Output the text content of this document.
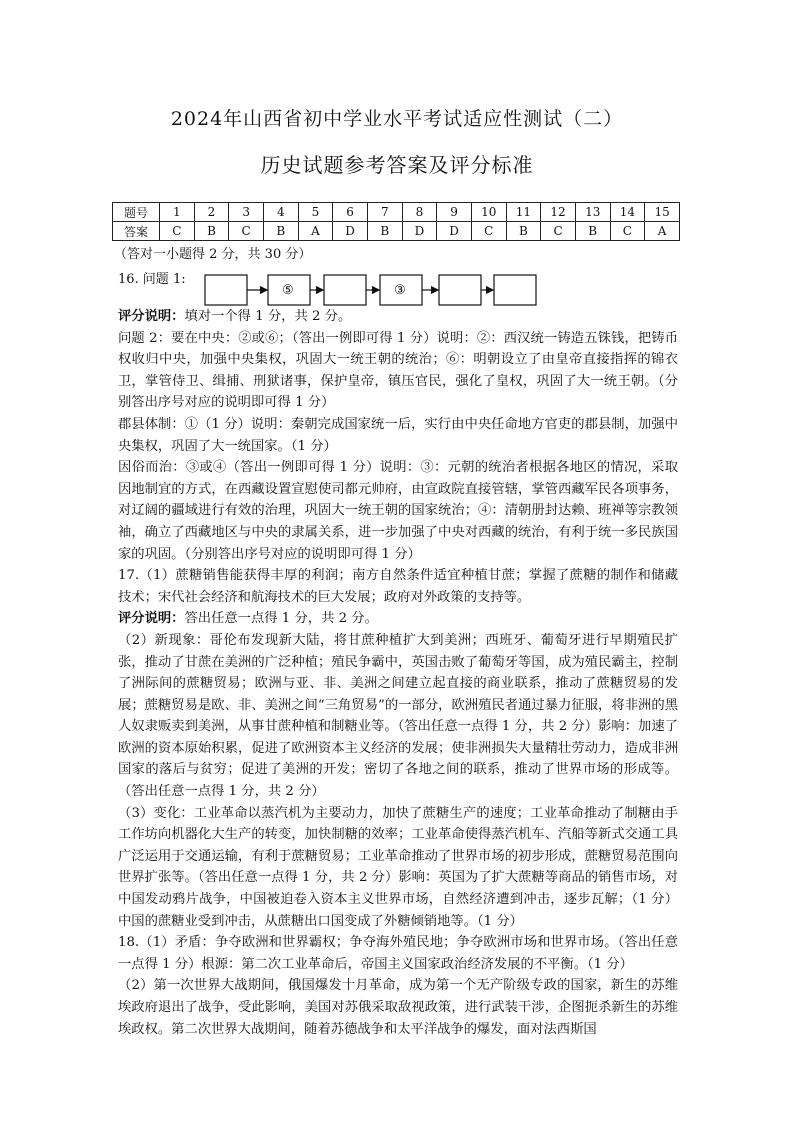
2024年山西省初中学业水平考试适应性测试（二）
历史试题参考答案及评分标准
题号	1	2	3	4	5	6	7	8	9	10	11	12	13	14	15
答案	C	B	C	B	A	D	B	D	D	C	B	C	B	C	A
（答对一小题得 2 分，共 30 分）
16. 问题 1:
⑤	③

评分说明：填对一个得 1 分，共 2 分。

问题 2：要在中央：②或⑥；（答出一例即可得 1 分）说明：②：西汉统一铸造五铢钱，把铸币权收归中央，加强中央集权，巩固大一统王朝的统治；⑥：明朝设立了由皇帝直接指挥的锦衣卫，掌管侍卫、缉捕、刑狱诸事，保护皇帝，镇压官民，强化了皇权，巩固了大一统王朝。（分别答出序号对应的说明即可得 1 分）

郡县体制：①（1 分）说明：秦朝完成国家统一后，实行由中央任命地方官吏的郡县制，加强中央集权，巩固了大一统国家。（1 分）

因俗而治：③或④（答出一例即可得 1 分）说明：③：元朝的统治者根据各地区的情况，采取因地制宜的方式，在西藏设置宣慰使司都元帅府，由宣政院直接管辖，掌管西藏军民各项事务，对辽阔的疆域进行有效的治理，巩固大一统王朝的国家统治；④：清朝册封达赖、班禅等宗教领袖，确立了西藏地区与中央的隶属关系，进一步加强了中央对西藏的统治，有利于统一多民族国家的巩固。（分别答出序号对应的说明即可得 1 分）

17.（1）蔗糖销售能获得丰厚的利润；南方自然条件适宜种植甘蔗；掌握了蔗糖的制作和储藏技术；宋代社会经济和航海技术的巨大发展；政府对外政策的支持等。

评分说明：答出任意一点得 1 分，共 2 分。

（2）新现象：哥伦布发现新大陆，将甘蔗种植扩大到美洲；西班牙、葡萄牙进行早期殖民扩张，推动了甘蔗在美洲的广泛种植；殖民争霸中，英国击败了葡萄牙等国，成为殖民霸主，控制了洲际间的蔗糖贸易；欧洲与亚、非、美洲之间建立起直接的商业联系，推动了蔗糖贸易的发展；蔗糖贸易是欧、非、美洲之间“三角贸易”的一部分，欧洲殖民者通过暴力征服，将非洲的黑人奴隶贩卖到美洲，从事甘蔗种植和制糖业等。（答出任意一点得 1 分，共 2 分）影响：加速了欧洲的资本原始积累，促进了欧洲资本主义经济的发展；使非洲损失大量精壮劳动力，造成非洲国家的落后与贫穷；促进了美洲的开发；密切了各地之间的联系，推动了世界市场的形成等。（答出任意一点得 1 分，共 2 分）

（3）变化：工业革命以蒸汽机为主要动力，加快了蔗糖生产的速度；工业革命推动了制糖由手工作坊向机器化大生产的转变，加快制糖的效率；工业革命使得蒸汽机车、汽船等新式交通工具广泛运用于交通运输，有利于蔗糖贸易；工业革命推动了世界市场的初步形成，蔗糖贸易范围向世界扩张等。（答出任意一点得 1 分，共 2 分）影响：英国为了扩大蔗糖等商品的销售市场，对中国发动鸦片战争，中国被迫卷入资本主义世界市场，自然经济遭到冲击，逐步瓦解；（1 分）中国的蔗糖业受到冲击，从蔗糖出口国变成了外糖倾销地等。（1 分）

18.（1）矛盾：争夺欧洲和世界霸权；争夺海外殖民地；争夺欧洲市场和世界市场。（答出任意一点得 1 分）根源：第二次工业革命后，帝国主义国家政治经济发展的不平衡。（1 分）

（2）第一次世界大战期间，俄国爆发十月革命，成为第一个无产阶级专政的国家，新生的苏维埃政府退出了战争，受此影响，美国对苏俄采取敌视政策，进行武装干涉，企图扼杀新生的苏维埃政权。第二次世界大战期间，随着苏德战争和太平洋战争的爆发，面对法西斯国
